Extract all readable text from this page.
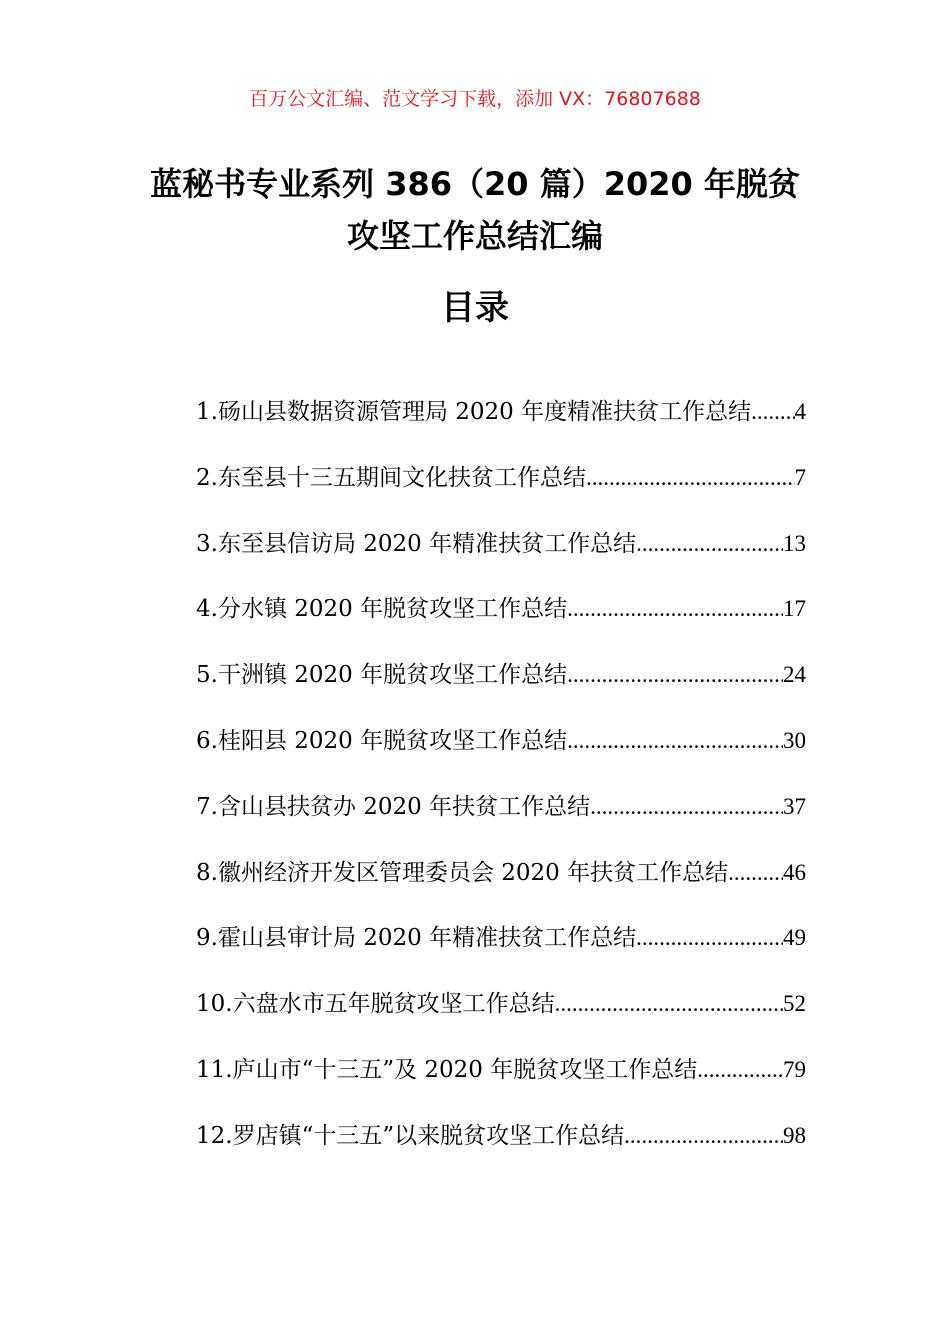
百万公文汇编、范文学习下载，添加 VX：76807688
蓝秘书专业系列 386（20 篇）2020 年脱贫
攻坚工作总结汇编
目录
1.砀山县数据资源管理局 2020 年度精准扶贫工作总结 ..... 4
2.东至县十三五期间文化扶贫工作总结 .....	7
3.东至县信访局 2020 年精准扶贫工作总结 .....	13
4.分水镇 2020 年脱贫攻坚工作总结 .....	17
5.干洲镇 2020 年脱贫攻坚工作总结 .....	24
6.桂阳县 2020 年脱贫攻坚工作总结 .....	30
7.含山县扶贫办 2020 年扶贫工作总结 .....	37
8.徽州经济开发区管理委员会 2020 年扶贫工作总结 ..... 46
9.霍山县审计局 2020 年精准扶贫工作总结 .....	49
10.六盘水市五年脱贫攻坚工作总结 .....	52
11.庐山市“十三五”及 2020 年脱贫攻坚工作总结 .....	79
12.罗店镇“十三五”以来脱贫攻坚工作总结 .....	98
